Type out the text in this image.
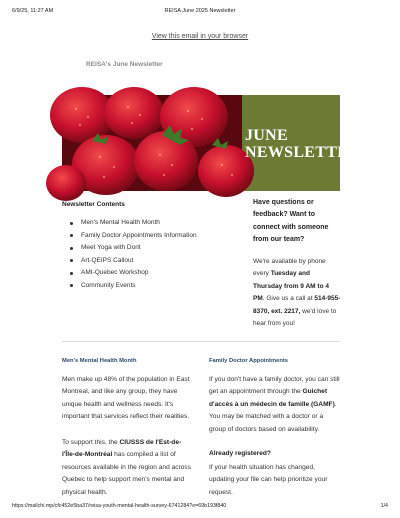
6/9/25, 11:27 AM	REISA June 2025 Newsletter
View this email in your browser
REISA's June Newsletter
JUNE
NEWSLETTER
Newsletter Contents
Men's Mental Health Month
Family Doctor Appointments Information
Meet Yoga with Dorit
Art-QEIPS Callout
AMI-Quebec Workshop
Community Events
Have questions or feedback? Want to connect with someone from our team?
We're available by phone every Tuesday and Thursday from 9 AM to 4 PM. Give us a call at 514-955-8370, ext. 2217, we'd love to hear from you!
Men's Mental Health Month
Men make up 48% of the population in East Montreal, and like any group, they have unique health and wellness needs. It's important that services reflect their realities.
To support this, the CIUSSS de l'Est-de-l'Île-de-Montréal has compiled a list of resources available in the region and across Quebec to help support men's mental and physical health.
Family Doctor Appointments
If you don't have a family doctor, you can still get an appointment through the Guichet d'accès à un médecin de famille (GAMF). You may be matched with a doctor or a group of doctors based on availability.
Already registered?
If your health situation has changed, updating your file can help prioritize your request.
https://mailchi.mp/cfc452e5ba37/reisa-youth-mental-health-survey-6741284?e=69b193f840	1/4
